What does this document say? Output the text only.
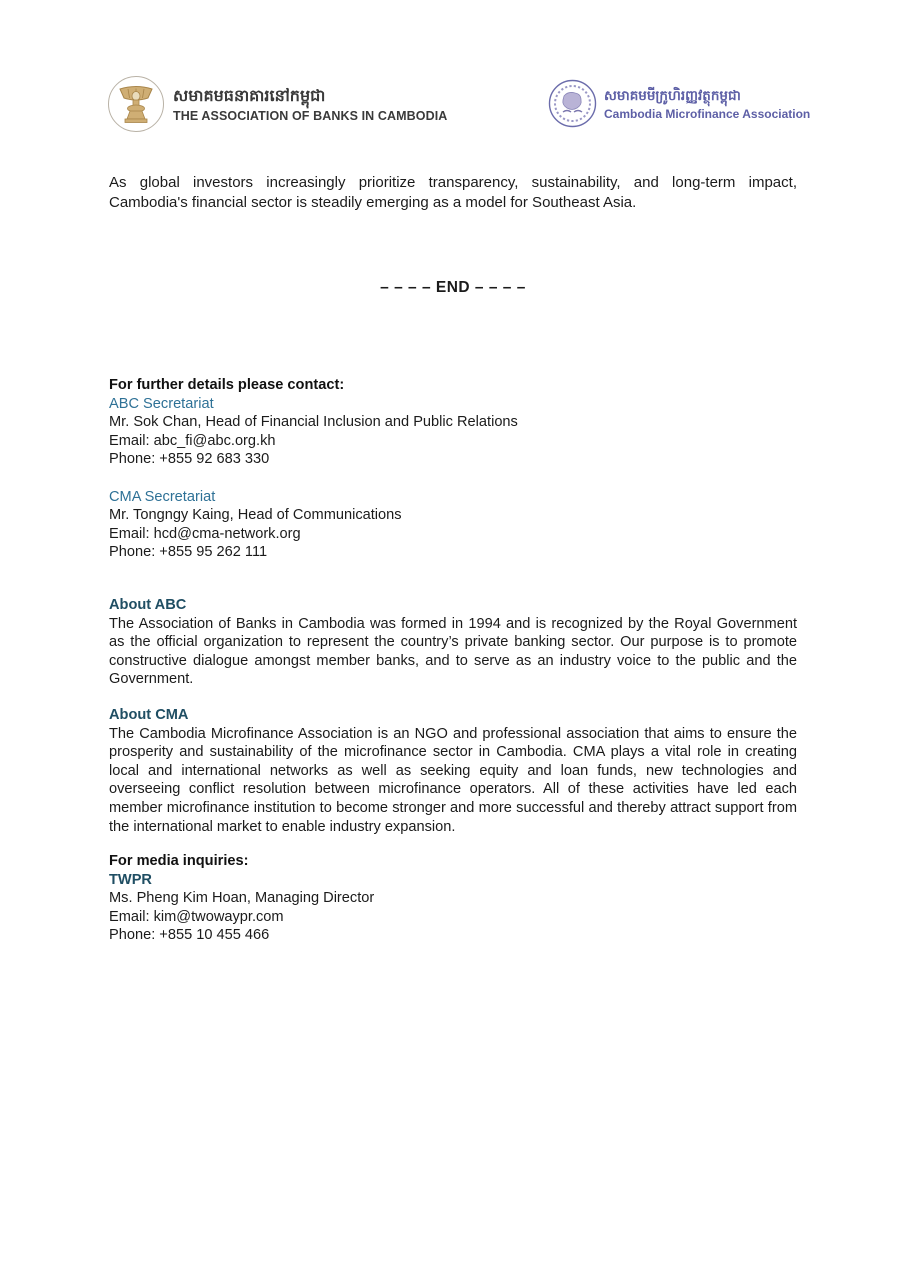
សមាគមធនាគារនៅកម្ពុជា
THE ASSOCIATION OF BANKS IN CAMBODIA
សមាគមមីក្រូហិរញ្ញវត្ថុកម្ពុជា
Cambodia Microfinance Association
As global investors increasingly prioritize transparency, sustainability, and long-term impact, Cambodia's financial sector is steadily emerging as a model for Southeast Asia.
– – – – END – – – –
For further details please contact:
ABC Secretariat
Mr. Sok Chan, Head of Financial Inclusion and Public Relations
Email: abc_fi@abc.org.kh
Phone: +855 92 683 330
CMA Secretariat
Mr. Tongngy Kaing, Head of Communications
Email: hcd@cma-network.org
Phone: +855 95 262 111
About ABC
The Association of Banks in Cambodia was formed in 1994 and is recognized by the Royal Government as the official organization to represent the country’s private banking sector. Our purpose is to promote constructive dialogue amongst member banks, and to serve as an industry voice to the public and the Government.
About CMA
The Cambodia Microfinance Association is an NGO and professional association that aims to ensure the prosperity and sustainability of the microfinance sector in Cambodia. CMA plays a vital role in creating local and international networks as well as seeking equity and loan funds, new technologies and overseeing conflict resolution between microfinance operators. All of these activities have led each member microfinance institution to become stronger and more successful and thereby attract support from the international market to enable industry expansion.
For media inquiries:
TWPR
Ms. Pheng Kim Hoan, Managing Director
Email: kim@twowaypr.com
Phone: +855 10 455 466
